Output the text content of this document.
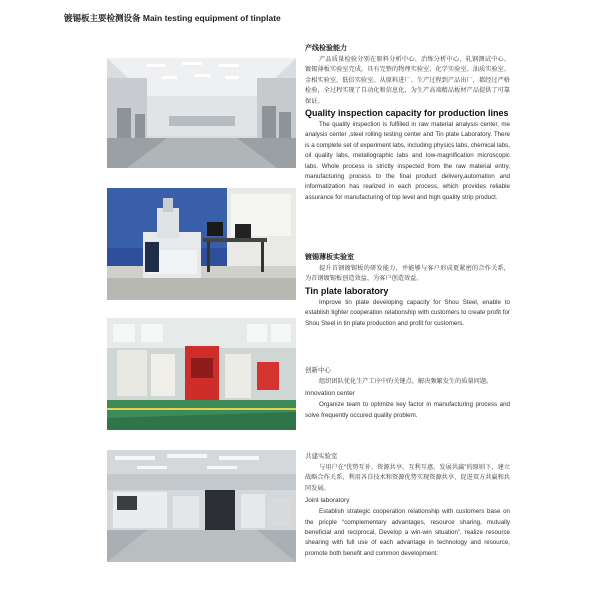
镀锡板主要检测设备 Main testing equipment of tinplate
产线检验能力

产品质量检验分别在原料分析中心、冶炼分析中心、轧钢测试中心、镀锡薄板实验室完成，具有完整的物理实验室、化学实验室、油质实验室、金相实验室、低倍实验室。从原料进厂、生产过程到产品出厂，都经过严格检验，全过程实现了自动化和信息化，为生产高端精品板材产品提供了可靠保证。

Quality inspection capacity for production lines

The quality inspection is fulfilled in raw material analysis center, me analysis center ,steel rolling testing center and Tin plate Laboratory. There is a complete set of experiment labs, including physics labs, chemical labs, oil quality labs, metallographic labs and low-magnification microscopic labs. Whole process is strictly inspected from the raw material entry, manufacturing process to the final product delivery,automation and informatization has realized in each process, which provides reliable assurance for manufacturing of top level and high quality strip product.

镀锡薄板实验室

提升首钢镀锡板的研发能力，并能够与客户形成更紧密的合作关系，为首钢镀锡板创造效益、为客户创造效益。

Tin plate laboratory

Improve tin plate developing capacity for Shou Steel, enable to establish tighter cooperation relationship with customers to create profit for Shou Steel in tin plate production and profit for customers.

创新中心

组织团队优化生产工序中的关键点、解决频繁发生的质量问题。

Innovation center

Organize team to optimize key factor in manufacturing process and solve frequently occured quality problem.

共建实验室

与用户在“优势互补、资源共享、互利互惠、发展共赢”的原则下，建立战略合作关系，利用各自技术和资源优势实现资源共享，促进双方共赢和共同发展。

Joint laboratory

Establish strategic cooperation relationship with customers base on the pricple “complementary advantages, resource sharing, mutually beneficial and reciprocal, Develop a win-win situation”, realize resource shearing with full use of each advantage in technology and resource, promote both benefit and common development.
